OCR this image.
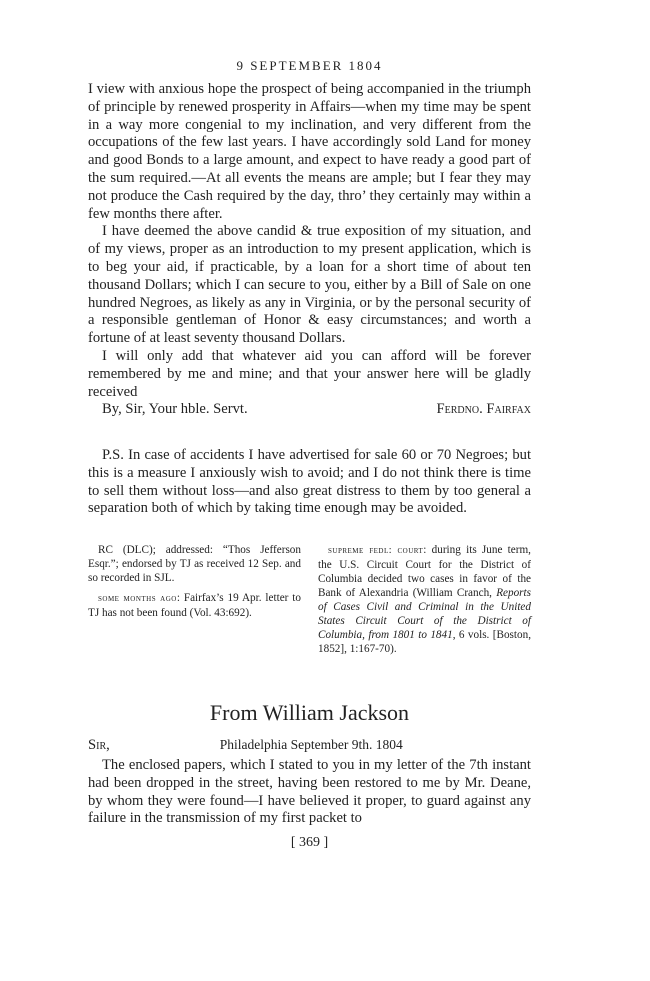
9 SEPTEMBER 1804

I view with anxious hope the prospect of being accompanied in the triumph of principle by renewed prosperity in Affairs—when my time may be spent in a way more congenial to my inclination, and very different from the occupations of the few last years. I have accordingly sold Land for money and good Bonds to a large amount, and expect to have ready a good part of the sum required.—At all events the means are ample; but I fear they may not produce the Cash required by the day, thro’ they certainly may within a few months there after.

I have deemed the above candid & true exposition of my situation, and of my views, proper as an introduction to my present application, which is to beg your aid, if practicable, by a loan for a short time of about ten thousand Dollars; which I can secure to you, either by a Bill of Sale on one hundred Negroes, as likely as any in Virginia, or by the personal security of a responsible gentleman of Honor & easy circumstances; and worth a fortune of at least seventy thousand Dollars.

I will only add that whatever aid you can afford will be forever remembered by me and mine; and that your answer here will be gladly received

By, Sir, Your hble. Servt.	Ferdno. Fairfax

P.S. In case of accidents I have advertised for sale 60 or 70 Negroes; but this is a measure I anxiously wish to avoid; and I do not think there is time to sell them without loss—and also great distress to them by too general a separation both of which by taking time enough may be avoided.

RC (DLC); addressed: “Thos Jefferson Esqr.”; endorsed by TJ as received 12 Sep. and so recorded in SJL.

some months ago: Fairfax’s 19 Apr. letter to TJ has not been found (Vol. 43:692).

supreme fedl: court: during its June term, the U.S. Circuit Court for the District of Columbia decided two cases in favor of the Bank of Alexandria (William Cranch, Reports of Cases Civil and Criminal in the United States Circuit Court of the District of Columbia, from 1801 to 1841, 6 vols. [Boston, 1852], 1:167-70).

From William Jackson
Sir,	Philadelphia September 9th. 1804

The enclosed papers, which I stated to you in my letter of the 7th instant had been dropped in the street, having been restored to me by Mr. Deane, by whom they were found—I have believed it proper, to guard against any failure in the transmission of my first packet to

[ 369 ]
